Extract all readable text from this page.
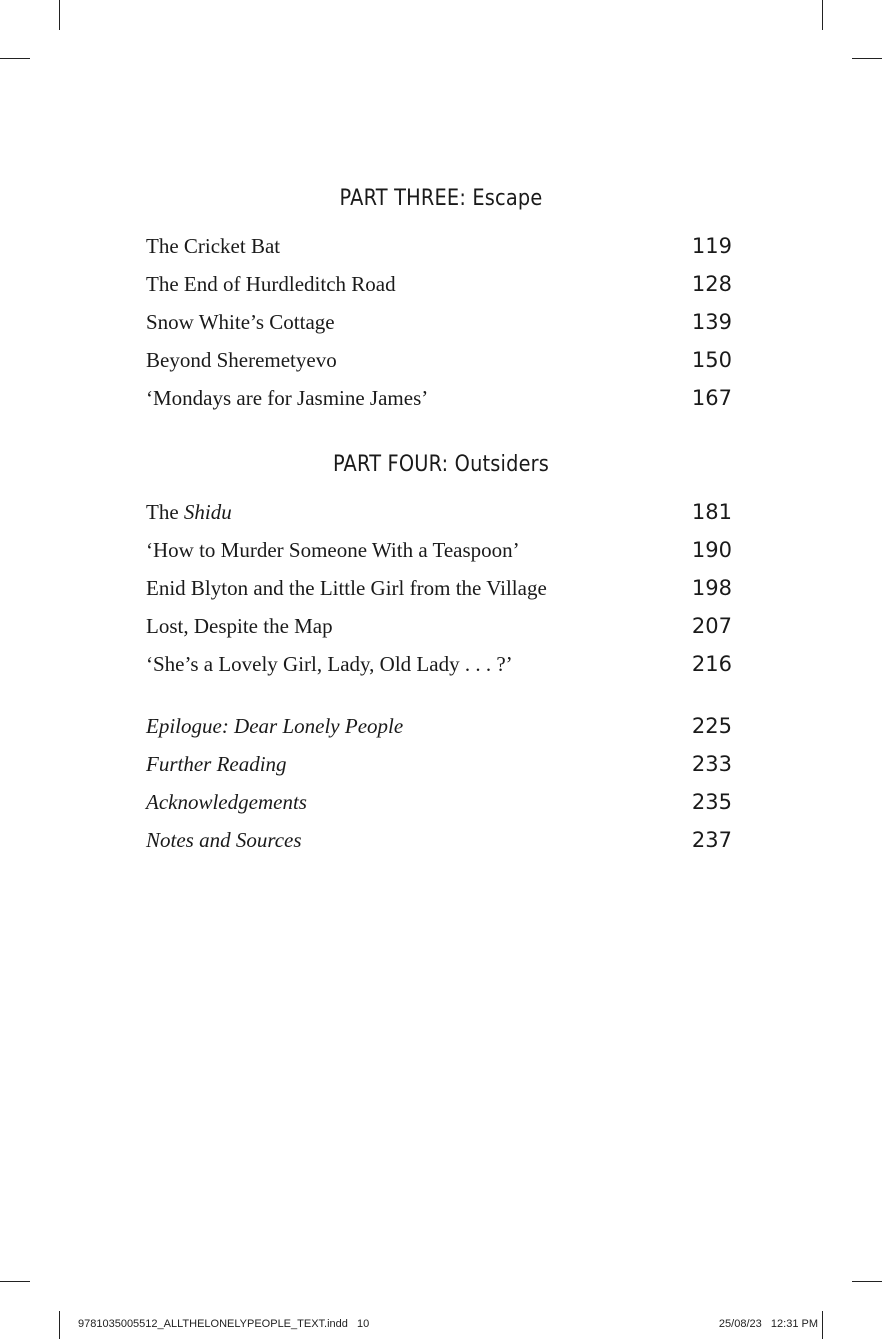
PART THREE: Escape
The Cricket Bat	119
The End of Hurdleditch Road	128
Snow White’s Cottage	139
Beyond Sheremetyevo	150
‘Mondays are for Jasmine James’	167
PART FOUR: Outsiders
The Shidu	181
‘How to Murder Someone With a Teaspoon’	190
Enid Blyton and the Little Girl from the Village	198
Lost, Despite the Map	207
‘She’s a Lovely Girl, Lady, Old Lady . . . ?’	216
Epilogue: Dear Lonely People	225
Further Reading	233
Acknowledgements	235
Notes and Sources	237
9781035005512_ALLTHELONELYPEOPLE_TEXT.indd   10	25/08/23   12:31 PM
